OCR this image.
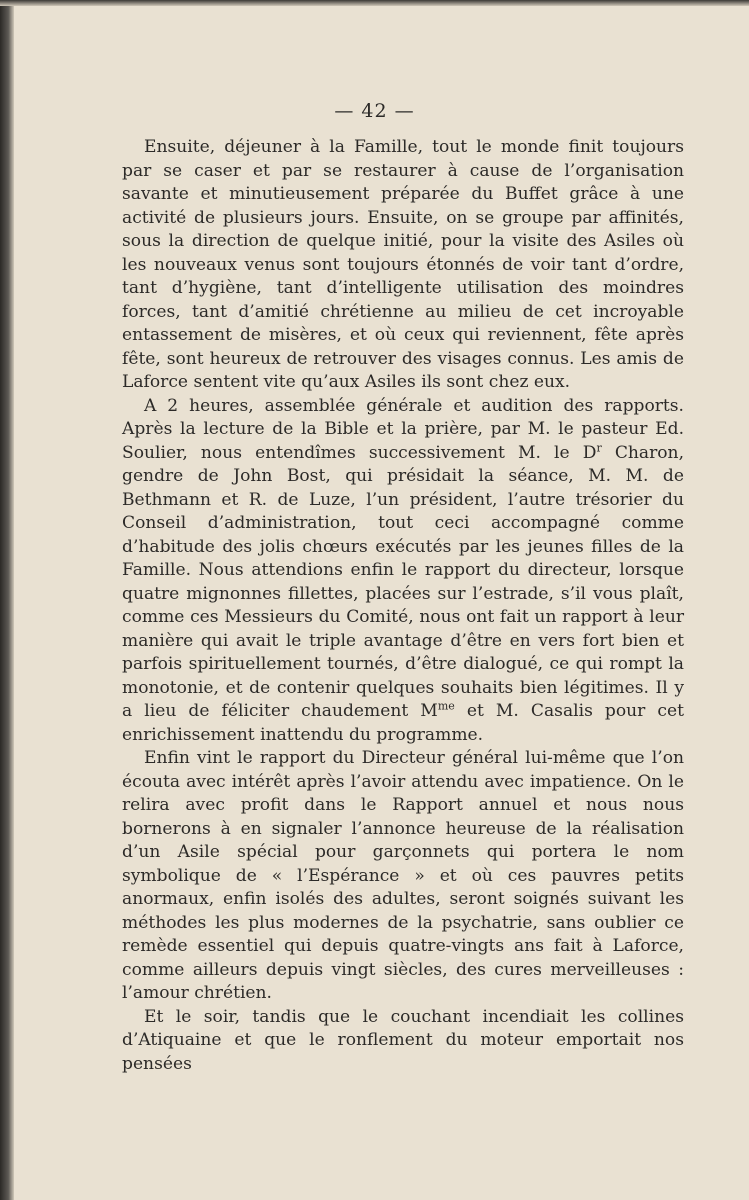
— 42 —

Ensuite, déjeuner à la Famille, tout le monde finit toujours par se caser et par se restaurer à cause de l’organisation savante et minutieusement préparée du Buffet grâce à une activité de plusieurs jours. Ensuite, on se groupe par affinités, sous la direction de quelque initié, pour la visite des Asiles où les nouveaux venus sont toujours étonnés de voir tant d’ordre, tant d’hygiène, tant d’intelligente utilisation des moindres forces, tant d’amitié chrétienne au milieu de cet incroyable entassement de misères, et où ceux qui reviennent, fête après fête, sont heureux de retrouver des visages connus. Les amis de Laforce sentent vite qu’aux Asiles ils sont chez eux.

A 2 heures, assemblée générale et audition des rapports. Après la lecture de la Bible et la prière, par M. le pasteur Ed. Soulier, nous entendîmes successivement M. le $D^r$ Charon, gendre de John Bost, qui présidait la séance, M. M. de Bethmann et R. de Luze, l’un président, l’autre trésorier du Conseil d’administration, tout ceci accompagné comme d’habitude des jolis chœurs exécutés par les jeunes filles de la Famille. Nous attendions enfin le rapport du directeur, lorsque quatre mignonnes fillettes, placées sur l’estrade, s’il vous plaît, comme ces Messieurs du Comité, nous ont fait un rapport à leur manière qui avait le triple avantage d’être en vers fort bien et parfois spirituellement tournés, d’être dialogué, ce qui rompt la monotonie, et de contenir quelques souhaits bien légitimes. Il y a lieu de féliciter chaudement $M^{me}$ et M. Casalis pour cet enrichissement inattendu du programme.

Enfin vint le rapport du Directeur général lui-même que l’on écouta avec intérêt après l’avoir attendu avec impatience. On le relira avec profit dans le Rapport annuel et nous nous bornerons à en signaler l’annonce heureuse de la réalisation d’un Asile spécial pour garçonnets qui portera le nom symbolique de « l’Espérance » et où ces pauvres petits anormaux, enfin isolés des adultes, seront soignés suivant les méthodes les plus modernes de la psychatrie, sans oublier ce remède essentiel qui depuis quatre-vingts ans fait à Laforce, comme ailleurs depuis vingt siècles, des cures merveilleuses : l’amour chrétien.

Et le soir, tandis que le couchant incendiait les collines d’Atiquaine et que le ronflement du moteur emportait nos pensées
